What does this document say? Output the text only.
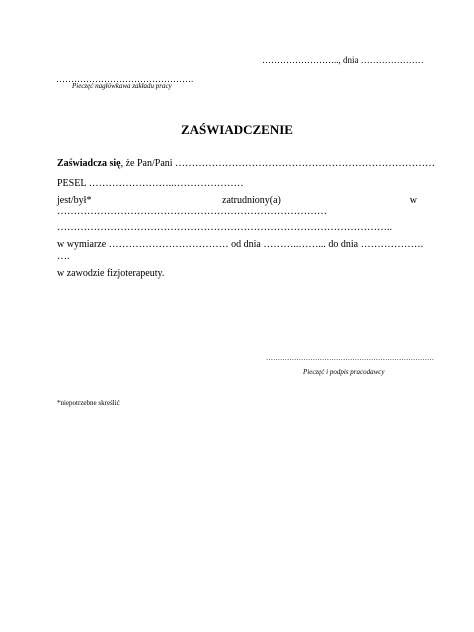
…………………….., dnia …………………
……………………………………….
Pieczęć nagłówkawa zakładu pracy
ZAŚWIADCZENIE
Zaświadcza się, że Pan/Pani ……………………………………………………………………
PESEL ……………………..…………………
jest/był*	zatrudniony(a)	w
………………………………………………………………………
………………………………………………………………………………………..
w wymiarze ……………………………… od dnia ………..……... do dnia ……………….
….
w zawodzie fizjoterapeuty.
………………………………………………………………
Pieczęć i podpis pracodawcy
*niepotrzebne skreślić
